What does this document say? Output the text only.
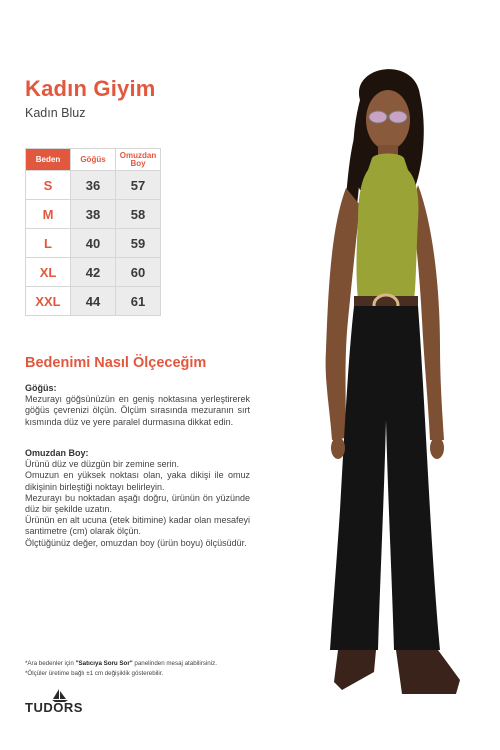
Kadın Giyim
Kadın Bluz
Beden	Göğüs	Omuzdan Boy
S	36	57
M	38	58
L	40	59
XL	42	60
XXL	44	61
Bedenimi Nasıl Ölçeceğim
Göğüs:
Mezurayı göğsünüzün en geniş noktasına yerleştirerek göğüs çevrenizi ölçün. Ölçüm sırasında mezuranın sırt kısmında düz ve yere paralel durmasına dikkat edin.
Omuzdan Boy:
Ürünü düz ve düzgün bir zemine serin.
Omuzun en yüksek noktası olan, yaka dikişi ile omuz dikişinin birleştiği noktayı belirleyin.
Mezurayı bu noktadan aşağı doğru, ürünün ön yüzünde düz bir şekilde uzatın.
Ürünün en alt ucuna (etek bitimine) kadar olan mesafeyi santimetre (cm) olarak ölçün.
Ölçtüğünüz değer, omuzdan boy (ürün boyu) ölçüsüdür.

*Ara bedenler için "Satıcıya Soru Sor" panelinden mesaj atabilirsiniz.

*Ölçüler üretime bağlı ±1 cm değişiklik gösterebilir.

TUDORS
